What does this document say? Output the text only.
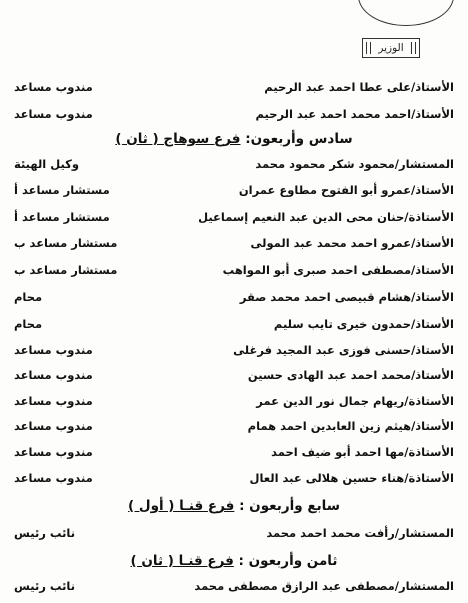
الوزير
الأستاذ/على عطا احمد عبد الرحيم
مندوب مساعد
الأستاذ/احمد محمد احمد عبد الرحيم
مندوب مساعد
سادس وأربعون: فرع سوهاج ( ثان )
المستشار/محمود شكر محمود محمد
وكيل الهيئة
الأستاذ/عمرو أبو الفتوح مطاوع عمران
مستشار مساعد أ
الأستاذة/حنان محى الدين عبد النعيم إسماعيل
مستشار مساعد أ
الأستاذ/عمرو احمد محمد عبد المولى
مستشار مساعد ب
الأستاذ/مصطفى احمد صبرى أبو المواهب
مستشار مساعد ب
الأستاذ/هشام قبيصى احمد محمد صقر
محام
الأستاذ/حمدون خيرى تايب سليم
محام
الأستاذ/حسنى فوزى عبد المجيد فرغلى
مندوب مساعد
الأستاذ/محمد احمد عبد الهادى حسين
مندوب مساعد
الأستاذة/ريهام جمال نور الدين عمر
مندوب مساعد
الأستاذ/هيثم زين العابدين احمد همام
مندوب مساعد
الأستاذة/مها احمد أبو ضيف احمد
مندوب مساعد
الأستاذة/هناء حسين هلالى عبد العال
مندوب مساعد
سابع وأربعون : فرع قنـا ( أول )
المستشار/رأفت محمد احمد محمد
نائب رئيس
ثامن وأربعون : فرع قنـا ( ثان )
المستشار/مصطفى عبد الرازق مصطفى محمد
نائب رئيس
